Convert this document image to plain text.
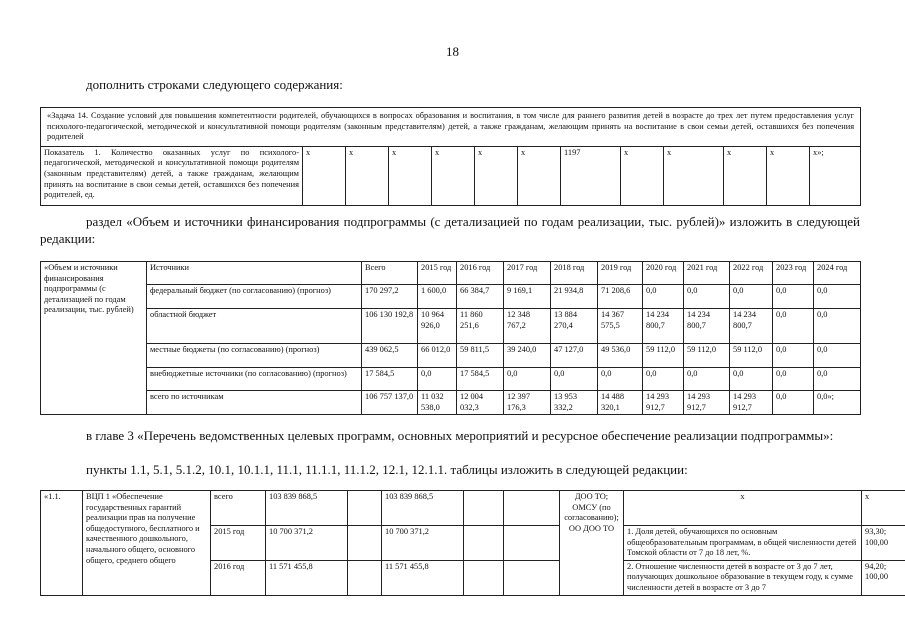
18
дополнить строками следующего содержания:
«Задача 14. Создание условий для повышения компетентности родителей, обучающихся в вопросах образования и воспитания, в том числе для раннего развития детей в возрасте до трех лет путем предоставления услуг психолого-педагогической, методической и консультативной помощи родителям (законным представителям) детей, а также гражданам, желающим принять на воспитание в свои семьи детей, оставшихся без попечения родителей
Показатель 1. Количество оказанных услуг по психолого-педагогической, методической и консультативной помощи родителям (законным представителям) детей, а также гражданам, желающим принять на воспитание в свои семьи детей, оставшихся без попечения родителей, ед.	x	x	x	x	x	x	1197	x	x	x	x	x»;
раздел «Объем и источники финансирования подпрограммы (с детализацией по годам реализации, тыс. рублей)» изложить в следующей редакции:
«Объем и источники финансирования подпрограммы (с детализацией по годам реализации, тыс. рублей)	Источники	Всего	2015 год	2016 год	2017 год	2018 год	2019 год	2020 год	2021 год	2022 год	2023 год	2024 год
	федеральный бюджет (по согласованию) (прогноз)	170 297,2	1 600,0	66 384,7	9 169,1	21 934,8	71 208,6	0,0	0,0	0,0	0,0	0,0
	областной бюджет	106 130 192,8	10 964 926,0	11 860 251,6	12 348 767,2	13 884 270,4	14 367 575,5	14 234 800,7	14 234 800,7	14 234 800,7	0,0	0,0
	местные бюджеты (по согласованию) (прогноз)	439 062,5	66 012,0	59 811,5	39 240,0	47 127,0	49 536,0	59 112,0	59 112,0	59 112,0	0,0	0,0
	внебюджетные источники (по согласованию) (прогноз)	17 584,5	0,0	17 584,5	0,0	0,0	0,0	0,0	0,0	0,0	0,0	0,0
	всего по источникам	106 757 137,0	11 032 538,0	12 004 032,3	12 397 176,3	13 953 332,2	14 488 320,1	14 293 912,7	14 293 912,7	14 293 912,7	0,0	0,0»;
в главе 3 «Перечень ведомственных целевых программ, основных мероприятий и ресурсное обеспечение реализации подпрограммы»:
пункты 1.1, 5.1, 5.1.2, 10.1, 10.1.1, 11.1, 11.1.1, 11.1.2, 12.1, 12.1.1. таблицы изложить в следующей редакции:
«1.1.	ВЦП 1 «Обеспечение государственных гарантий реализации прав на получение общедоступного, бесплатного и качественного дошкольного, начального общего, основного общего, среднего общего	всего	103 839 868,5		103 839 868,5			ДОО ТО; ОМСУ (по согласованию); ОО ДОО ТО	x	x
		2015 год	10 700 371,2		10 700 371,2				1. Доля детей, обучающихся по основным общеобразовательным программам, в общей численности детей Томской области от 7 до 18 лет, %.	93,30; 100,00
		2016 год	11 571 455,8		11 571 455,8				2. Отношение численности детей в возрасте от 3 до 7 лет, получающих дошкольное образование в текущем году, к сумме численности детей в возрасте от 3 до 7	94,20; 100,00
